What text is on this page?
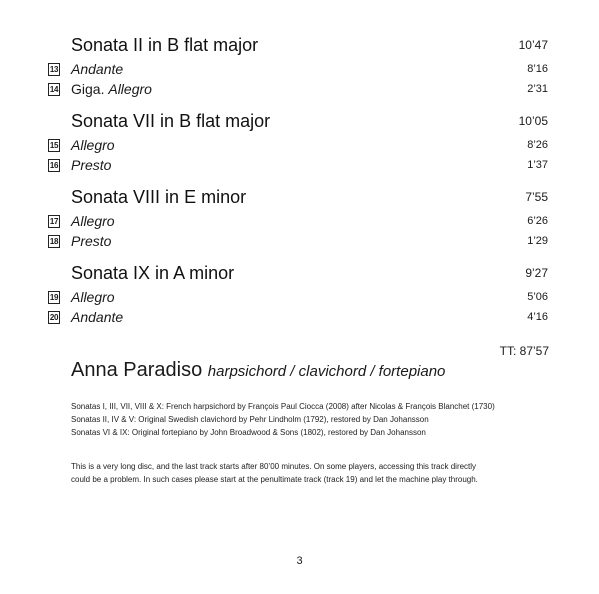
Sonata II in B flat major	10’47
13 Andante	8’16
14 Giga. Allegro	2’31
Sonata VII in B flat major	10’05
15 Allegro	8’26
16 Presto	1’37
Sonata VIII in E minor	7’55
17 Allegro	6’26
18 Presto	1’29
Sonata IX in A minor	9’27
19 Allegro	5’06
20 Andante	4’16
TT: 87’57
Anna Paradiso harpsichord / clavichord / fortepiano
Sonatas I, III, VII, VIII & X: French harpsichord by François Paul Ciocca (2008) after Nicolas & François Blanchet (1730)
Sonatas II, IV & V: Original Swedish clavichord by Pehr Lindholm (1792), restored by Dan Johansson
Sonatas VI & IX: Original fortepiano by John Broadwood & Sons (1802), restored by Dan Johansson
This is a very long disc, and the last track starts after 80’00 minutes. On some players, accessing this track directly
could be a problem. In such cases please start at the penultimate track (track 19) and let the machine play through.
3
